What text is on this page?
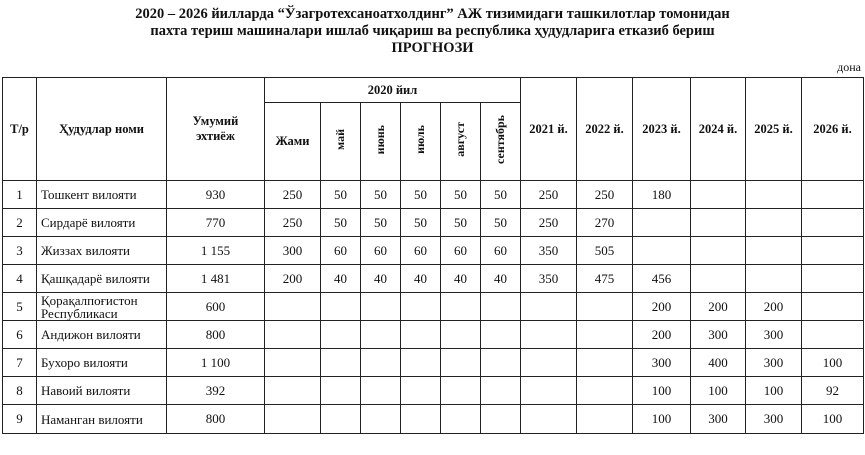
2020 – 2026 йилларда “Ўзагротехсаноатхолдинг” АЖ тизимидаги ташкилотлар томонидан
пахта териш машиналари ишлаб чиқариш ва республика ҳудудларига етказиб бериш
ПРОГНОЗИ
дона
Т/р	Ҳудудлар номи	Умумий эхтиёж	2020 йил						2021 й.	2022 й.	2023 й.	2024 й.	2025 й.	2026 й.
			Жами	май	июнь	июль	август	сентябрь						
1	Тошкент вилояти	930	250	50	50	50	50	50	250	250	180			
2	Сирдарё вилояти	770	250	50	50	50	50	50	250	270				
3	Жиззах вилояти	1 155	300	60	60	60	60	60	350	505				
4	Қашқадарё вилояти	1 481	200	40	40	40	40	40	350	475	456			
5	Қорақалпоғистон Республикаси	600									200	200	200	
6	Андижон вилояти	800									200	300	300	
7	Бухоро вилояти	1 100									300	400	300	100
8	Навоий вилояти	392									100	100	100	92
9	Наманган вилояти	800									100	300	300	100
